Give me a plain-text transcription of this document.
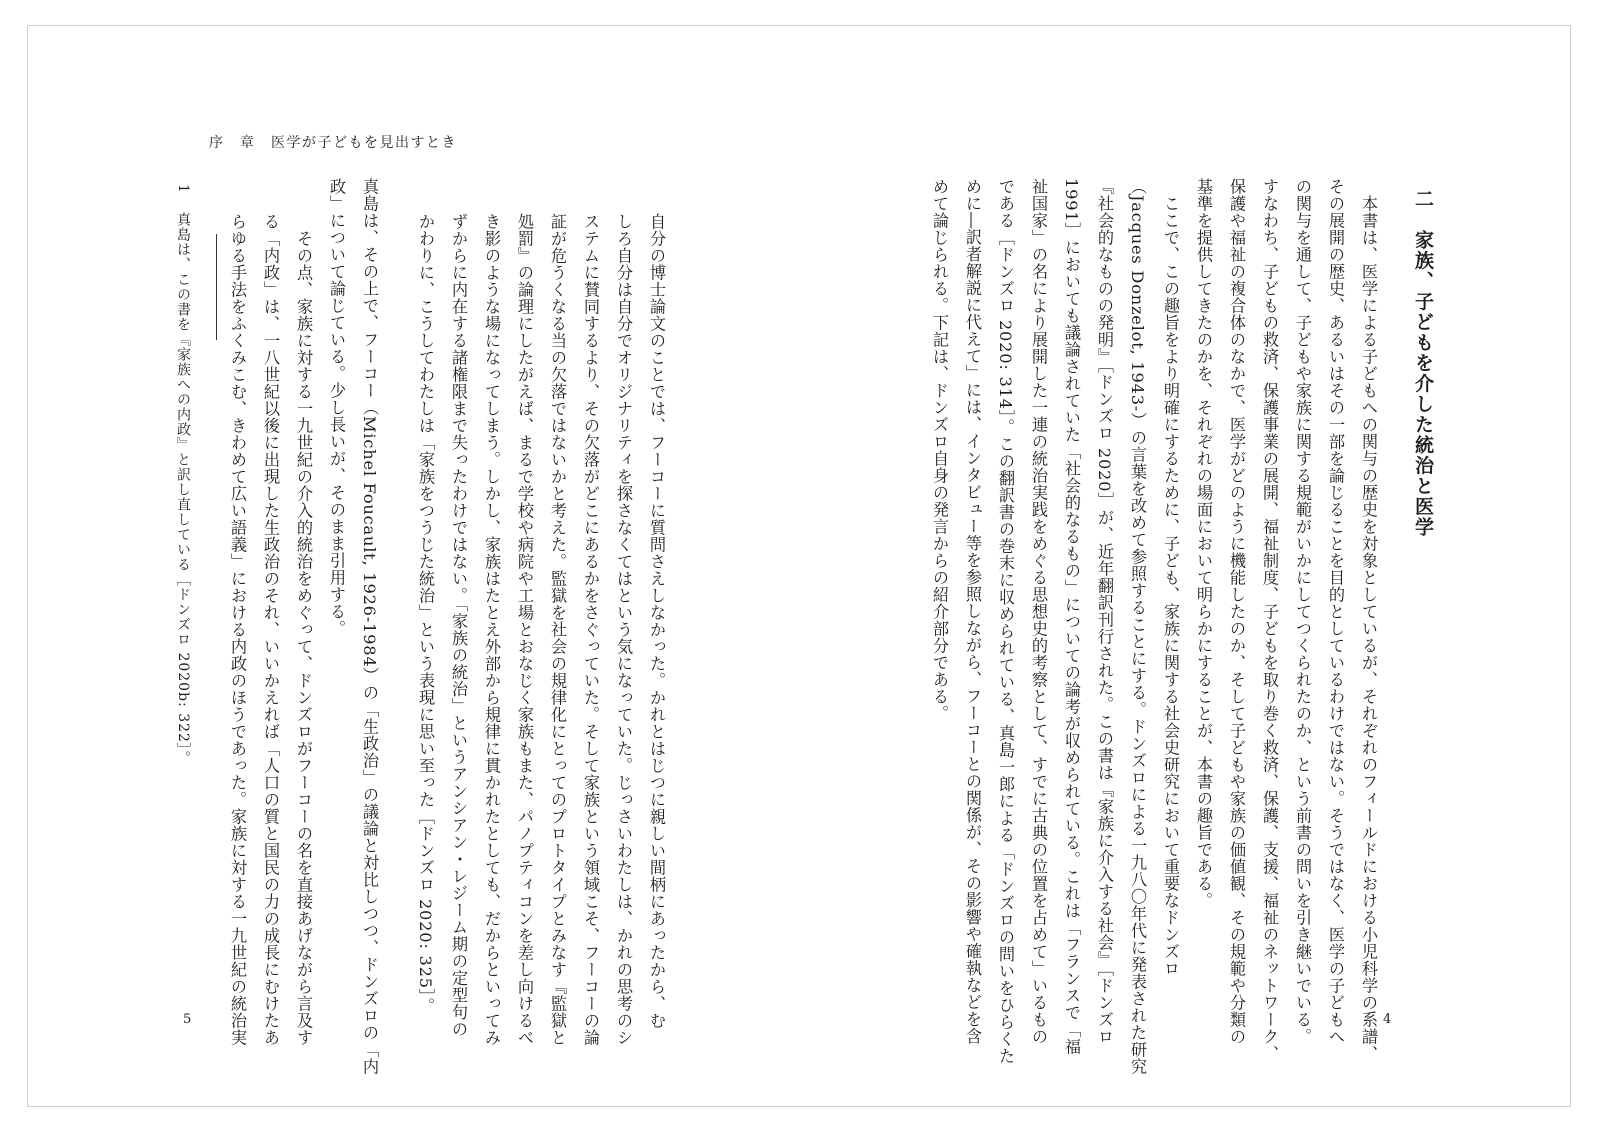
序　章　医学が子どもを見出すとき
二　家族、子どもを介した統治と医学
　本書は、医学による子どもへの関与の歴史を対象としているが、それぞれのフィールドにおける小児科学の系譜、
その展開の歴史、あるいはその一部を論じることを目的としているわけではない。そうではなく、医学の子どもへ
の関与を通して、子どもや家族に関する規範がいかにしてつくられたのか、という前書の問いを引き継いでいる。
すなわち、子どもの救済、保護事業の展開、福祉制度、子どもを取り巻く救済、保護、支援、福祉のネットワーク、
保護や福祉の複合体のなかで、医学がどのように機能したのか、そして子どもや家族の価値観、その規範や分類の
基準を提供してきたのかを、それぞれの場面において明らかにすることが、本書の趣旨である。
　ここで、この趣旨をより明確にするために、子ども、家族に関する社会史研究において重要なドンズロ
（Jacques Donzelot, 1943-）の言葉を改めて参照することにする。ドンズロによる一九八〇年代に発表された研究
『社会的なものの発明』［ドンズロ 2020］が、近年翻訳刊行された。この書は『家族に介入する社会』［ドンズロ
1991］においても議論されていた「社会的なるもの」についての論考が収められている。これは「フランスで「福
祉国家」の名により展開した一連の統治実践をめぐる思想史的考察として、すでに古典の位置を占めて」いるもの
である［ドンズロ 2020: 314］。この翻訳書の巻末に収められている、真島一郎による「ドンズロの問いをひらくた
めに―訳者解説に代えて」には、インタビュー等を参照しながら、フーコーとの関係が、その影響や確執などを含
めて論じられる。下記は、ドンズロ自身の発言からの紹介部分である。
自分の博士論文のことでは、フーコーに質問さえしなかった。かれとはじつに親しい間柄にあったから、む
しろ自分は自分でオリジナリティを探さなくてはという気になっていた。じっさいわたしは、かれの思考のシ
ステムに賛同するより、その欠落がどこにあるかをさぐっていた。そして家族という領域こそ、フーコーの論
証が危うくなる当の欠落ではないかと考えた。監獄を社会の規律化にとってのプロトタイプとみなす『監獄と
処罰』の論理にしたがえば、まるで学校や病院や工場とおなじく家族もまた、パノプティコンを差し向けるべ
き影のような場になってしまう。しかし、家族はたとえ外部から規律に貫かれたとしても、だからといってみ
ずからに内在する諸権限まで失ったわけではない。「家族の統治」というアンシアン・レジーム期の定型句の
かわりに、こうしてわたしは「家族をつうじた統治」という表現に思い至った［ドンズロ 2020: 325］。
真島は、その上で、フーコー（Michel Foucault, 1926-1984）の「生政治」の議論と対比しつつ、ドンズロの「内
政」について論じている。少し長いが、そのまま引用する。
　その点、家族に対する一九世紀の介入的統治をめぐって、ドンズロがフーコーの名を直接あげながら言及す
る「内政」は、一八世紀以後に出現した生政治のそれ、いいかえれば「人口の質と国民の力の成長にむけたあ
らゆる手法をふくみこむ、きわめて広い語義」における内政のほうであった。家族に対する一九世紀の統治実
1
真島は、この書を『家族への内政』と訳し直している［ドンズロ 2020b: 322］。
5	4
